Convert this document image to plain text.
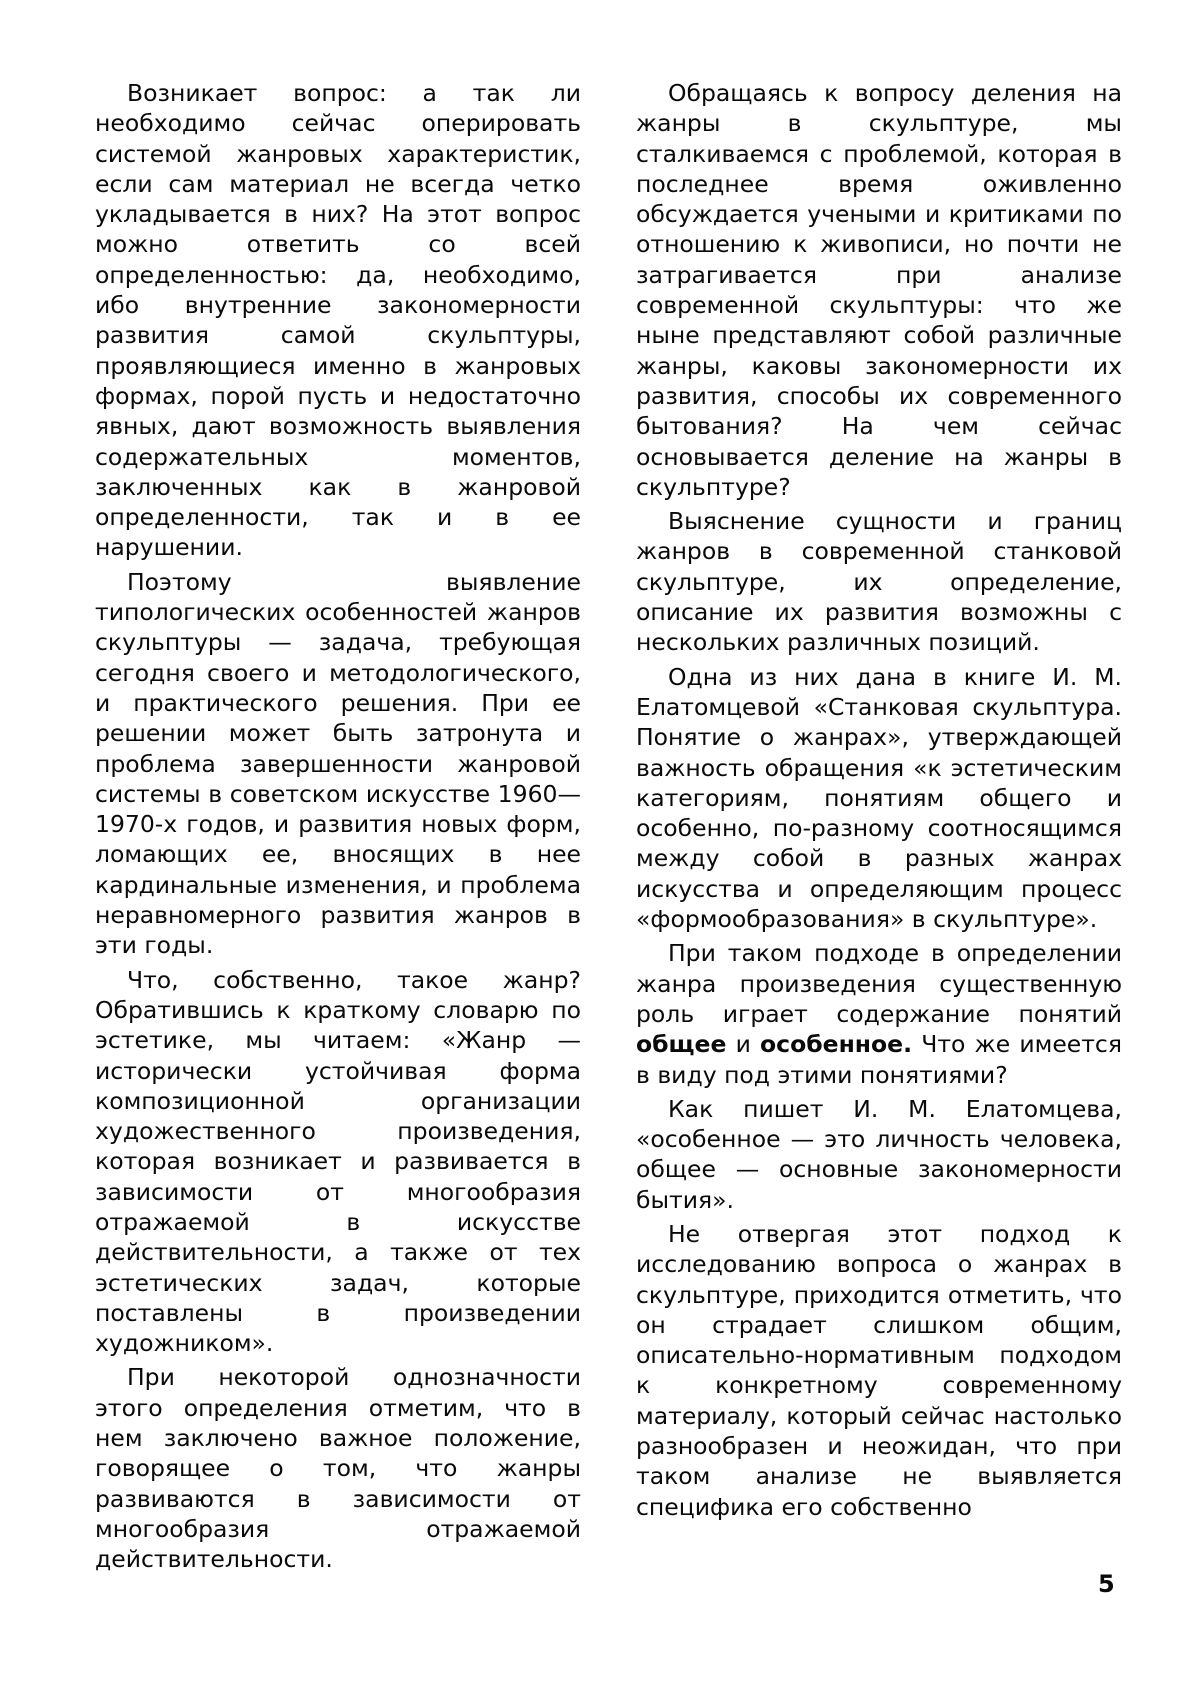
Возникает вопрос: а так ли необходимо сейчас оперировать системой жанровых характеристик, если сам материал не всегда четко укладывается в них? На этот вопрос можно ответить со всей определенностью: да, необходимо, ибо внутренние закономерности развития самой скульптуры, проявляющиеся именно в жанровых формах, порой пусть и недостаточно явных, дают возможность выявления содержательных моментов, заключенных как в жанровой определенности, так и в ее нарушении.

Поэтому выявление типологических особенностей жанров скульптуры — задача, требующая сегодня своего и методологического, и практического решения. При ее решении может быть затронута и проблема завершенности жанровой системы в советском искусстве 1960—1970-х годов, и развития новых форм, ломающих ее, вносящих в нее кардинальные изменения, и проблема неравномерного развития жанров в эти годы.

Что, собственно, такое жанр? Обратившись к краткому словарю по эстетике, мы читаем: «Жанр — исторически устойчивая форма композиционной организации художественного произведения, которая возникает и развивается в зависимости от многообразия отражаемой в искусстве действительности, а также от тех эстетических задач, которые поставлены в произведении художником».

При некоторой однозначности этого определения отметим, что в нем заключено важное положение, говорящее о том, что жанры развиваются в зависимости от многообразия отражаемой действительности.

Обращаясь к вопросу деления на жанры в скульптуре, мы сталкиваемся с проблемой, которая в последнее время оживленно обсуждается учеными и критиками по отношению к живописи, но почти не затрагивается при анализе современной скульптуры: что же ныне представляют собой различные жанры, каковы закономерности их развития, способы их современного бытования? На чем сейчас основывается деление на жанры в скульптуре?

Выяснение сущности и границ жанров в современной станковой скульптуре, их определение, описание их развития возможны с нескольких различных позиций.

Одна из них дана в книге И. М. Елатомцевой «Станковая скульптура. Понятие о жанрах», утверждающей важность обращения «к эстетическим категориям, понятиям общего и особенно, по-разному соотносящимся между собой в разных жанрах искусства и определяющим процесс «формообразования» в скульптуре».

При таком подходе в определении жанра произведения существенную роль играет содержание понятий общее и особенное. Что же имеется в виду под этими понятиями?

Как пишет И. М. Елатомцева, «особенное — это личность человека, общее — основные закономерности бытия».

Не отвергая этот подход к исследованию вопроса о жанрах в скульптуре, приходится отметить, что он страдает слишком общим, описательно-нормативным подходом к конкретному современному материалу, который сейчас настолько разнообразен и неожидан, что при таком анализе не выявляется специфика его собственно

5
